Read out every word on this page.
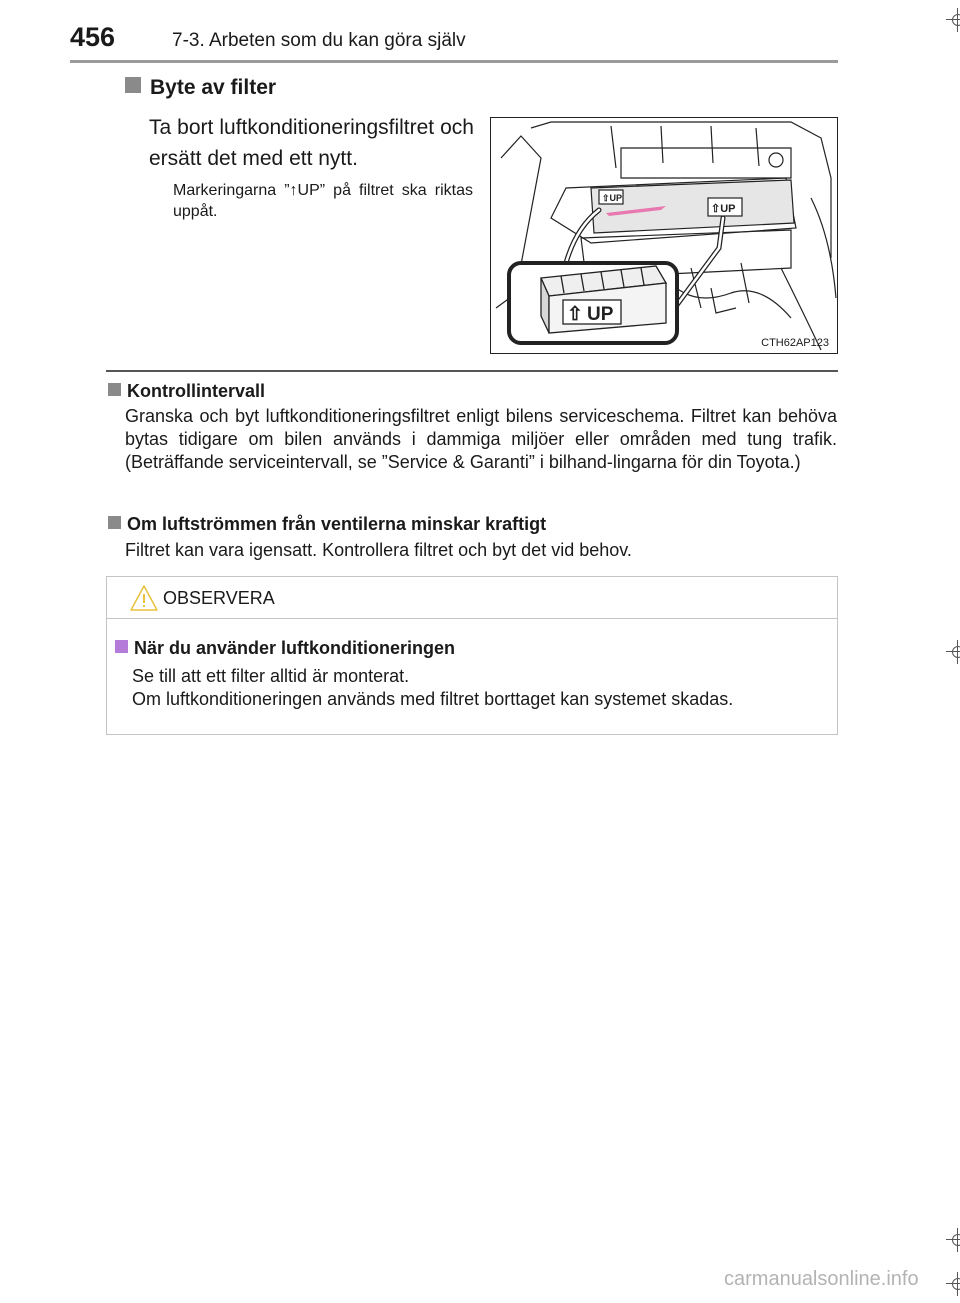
456	7-3. Arbeten som du kan göra själv
Byte av filter
Ta bort luftkonditioneringsfiltret och ersätt det med ett nytt.
Markeringarna ”↑UP” på filtret ska riktas uppåt.
⇧UP
⇧UP
⇧ UP
CTH62AP123
Kontrollintervall
Granska och byt luftkonditioneringsfiltret enligt bilens serviceschema. Filtret kan behöva bytas tidigare om bilen används i dammiga miljöer eller områden med tung trafik. (Beträffande serviceintervall, se ”Service & Garanti” i bilhand-lingarna för din Toyota.)
Om luftströmmen från ventilerna minskar kraftigt
Filtret kan vara igensatt. Kontrollera filtret och byt det vid behov.
OBSERVERA
När du använder luftkonditioneringen
Se till att ett filter alltid är monterat.
Om luftkonditioneringen används med filtret borttaget kan systemet skadas.
carmanualsonline.info
